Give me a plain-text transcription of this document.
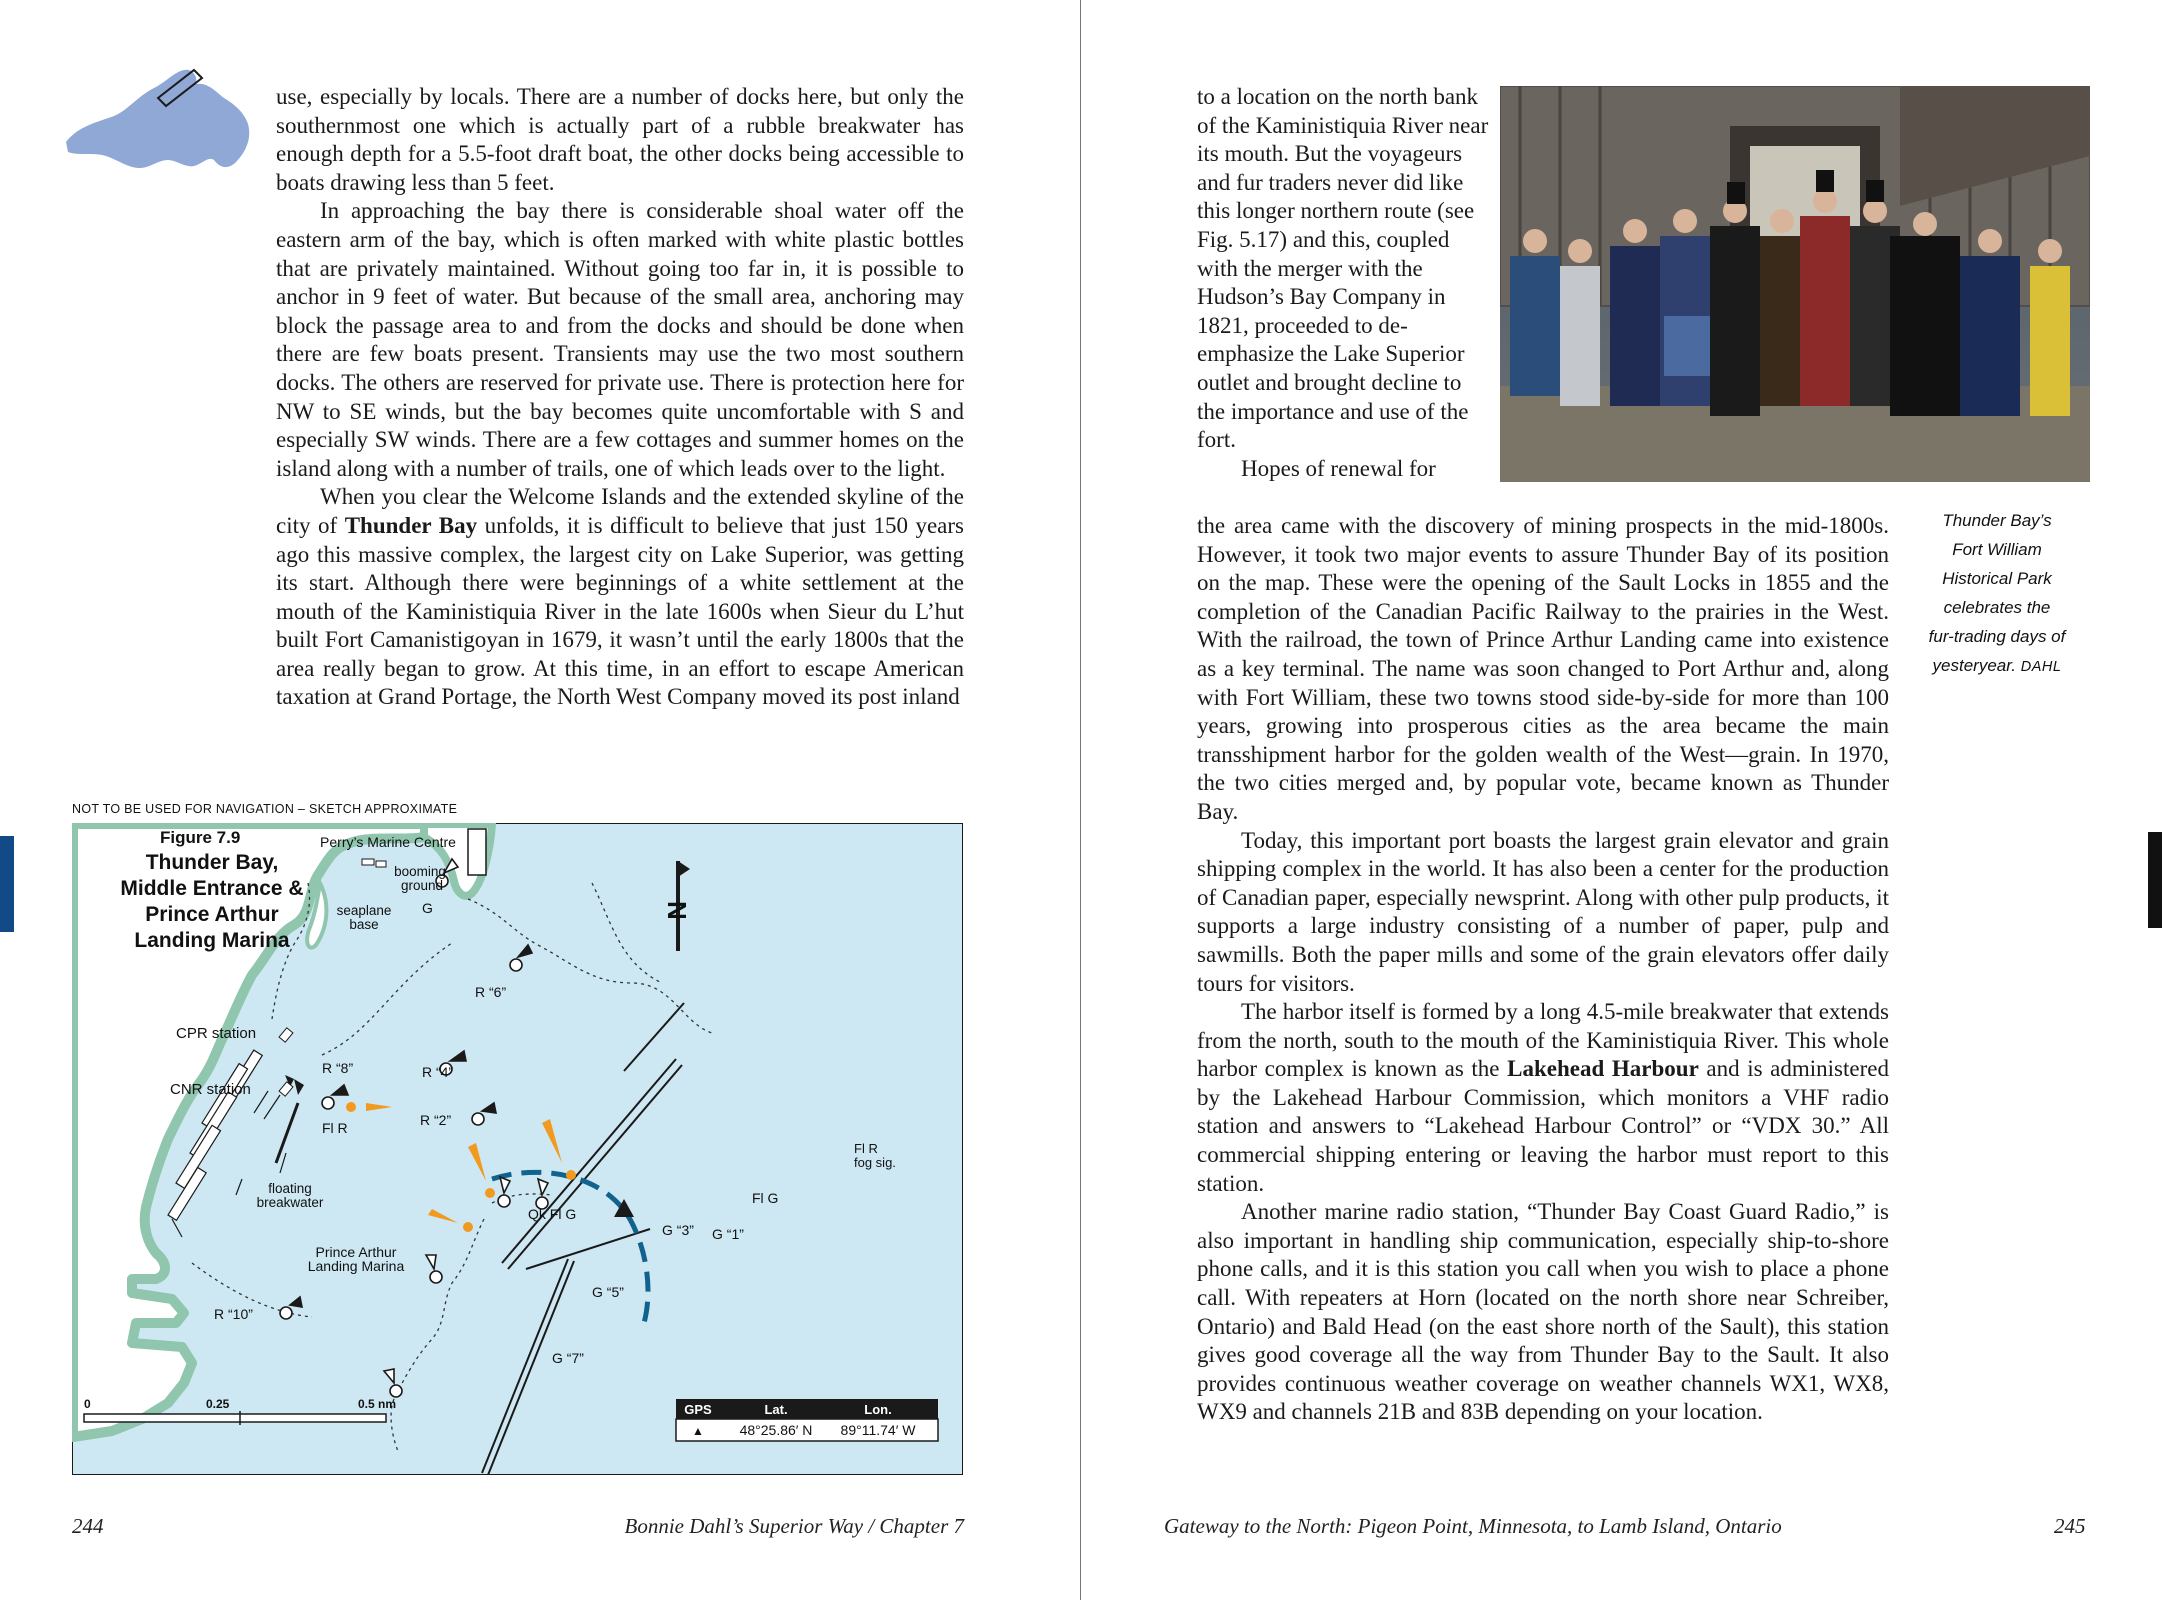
use, especially by locals. There are a number of docks here, but only the southernmost one which is actually part of a rubble breakwater has enough depth for a 5.5-foot draft boat, the other docks being accessible to boats drawing less than 5 feet.

In approaching the bay there is considerable shoal water off the eastern arm of the bay, which is often marked with white plastic bottles that are privately maintained. Without going too far in, it is possible to anchor in 9 feet of water. But because of the small area, anchoring may block the passage area to and from the docks and should be done when there are few boats present. Transients may use the two most southern docks. The others are reserved for private use. There is protection here for NW to SE winds, but the bay becomes quite uncomfortable with S and especially SW winds. There are a few cottages and summer homes on the island along with a number of trails, one of which leads over to the light.

When you clear the Welcome Islands and the extended skyline of the city of Thunder Bay unfolds, it is difficult to believe that just 150 years ago this massive complex, the largest city on Lake Superior, was getting its start. Although there were beginnings of a white settlement at the mouth of the Kaministiquia River in the late 1600s when Sieur du L’hut built Fort Camanistigoyan in 1679, it wasn’t until the early 1800s that the area really began to grow. At this time, in an effort to escape American taxation at Grand Portage, the North West Company moved its post inland

NOT TO BE USED FOR NAVIGATION – SKETCH APPROXIMATE
N
Figure 7.9
Thunder Bay,
Middle Entrance &
Prince Arthur
Landing Marina
Perry’s Marine Centre
booming
ground
seaplane
base
G
R “6”
CPR station
CNR station
R “4”
R “2”
R “8”
Fl R
Fl R
fog sig.
floating
breakwater	Fl G
Qk Fl G
G “3” G “1”
Prince Arthur
Landing Marina
G “5”
R “10”
G “7”
0	0.25	0.5 nm	GPS	Lat.	Lon.
▲	48°25.86′ N 89°11.74′ W
244	Bonnie Dahl’s Superior Way / Chapter 7

to a location on the north bank of the Kaministiquia River near its mouth. But the voyageurs and fur traders never did like this longer northern route (see Fig. 5.17) and this, coupled with the merger with the Hudson’s Bay Company in 1821, proceeded to de-emphasize the Lake Superior outlet and brought decline to the importance and use of the fort.

Hopes of renewal for

the area came with the discovery of mining prospects in the mid-1800s. However, it took two major events to assure Thunder Bay of its position on the map. These were the opening of the Sault Locks in 1855 and the completion of the Canadian Pacific Railway to the prairies in the West. With the railroad, the town of Prince Arthur Landing came into existence as a key terminal. The name was soon changed to Port Arthur and, along with Fort William, these two towns stood side-by-side for more than 100 years, growing into prosperous cities as the area became the main transshipment harbor for the golden wealth of the West—grain. In 1970, the two cities merged and, by popular vote, became known as Thunder Bay.

Today, this important port boasts the largest grain elevator and grain shipping complex in the world. It has also been a center for the production of Canadian paper, especially newsprint. Along with other pulp products, it supports a large industry consisting of a number of paper, pulp and sawmills. Both the paper mills and some of the grain elevators offer daily tours for visitors.

The harbor itself is formed by a long 4.5-mile breakwater that extends from the north, south to the mouth of the Kaministiquia River. This whole harbor complex is known as the Lakehead Harbour and is administered by the Lakehead Harbour Commission, which monitors a VHF radio station and answers to “Lakehead Harbour Control” or “VDX 30.” All commercial shipping entering or leaving the harbor must report to this station.

Another marine radio station, “Thunder Bay Coast Guard Radio,” is also important in handling ship communication, especially ship-to-shore phone calls, and it is this station you call when you wish to place a phone call. With repeaters at Horn (located on the north shore near Schreiber, Ontario) and Bald Head (on the east shore north of the Sault), this station gives good coverage all the way from Thunder Bay to the Sault. It also provides continuous weather coverage on weather channels WX1, WX8, WX9 and channels 21B and 83B depending on your location.

Thunder Bay’s
Fort William
Historical Park
celebrates the
fur-trading days of
yesteryear. DAHL
Gateway to the North: Pigeon Point, Minnesota, to Lamb Island, Ontario	245
